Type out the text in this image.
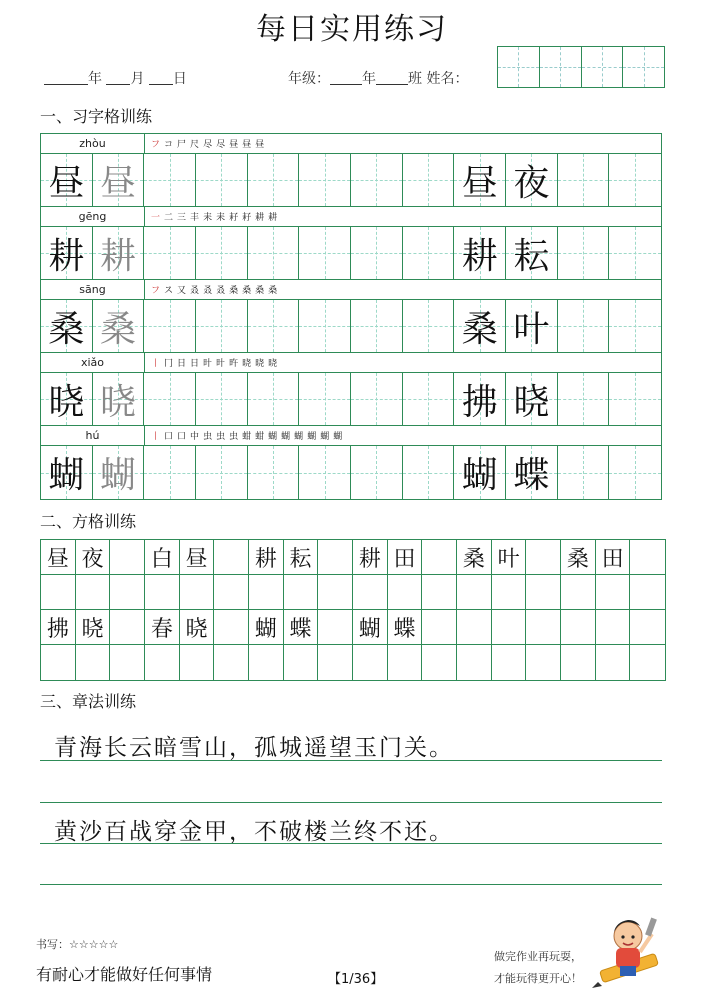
每日实用练习
年 月 日	年级： 年 班 姓名：
一、习字格训练
zhòu	フ コ 尸 尺 尽 尽 昼 昼 昼
昼 昼	昼 夜
gēng	一 二 三 丰 耒 耒 耔 耔 耕 耕
耕 耕	耕 耘
sāng	フ ス 又 叒 叒 叒 桑 桑 桑 桑
桑 桑	桑 叶
xiǎo	丨 冂 日 日 旪 旪 旿 晓 晓 晓
晓 晓	拂 晓
hú	丨 口 口 中 虫 虫 虫 蚶 蚶 蝴 蝴 蝴 蝴 蝴 蝴
蝴 蝴	蝴 蝶
二、方格训练
昼 夜	白 昼	耕 耘	耕 田	桑 叶	桑 田
拂 晓	春 晓	蝴 蝶	蝴 蝶
三、章法训练
青海长云暗雪山，孤城遥望玉门关。
黄沙百战穿金甲，不破楼兰终不还。
书写：☆☆☆☆☆
有耐心才能做好任何事情	【1/36】
做完作业再玩耍，
才能玩得更开心！
